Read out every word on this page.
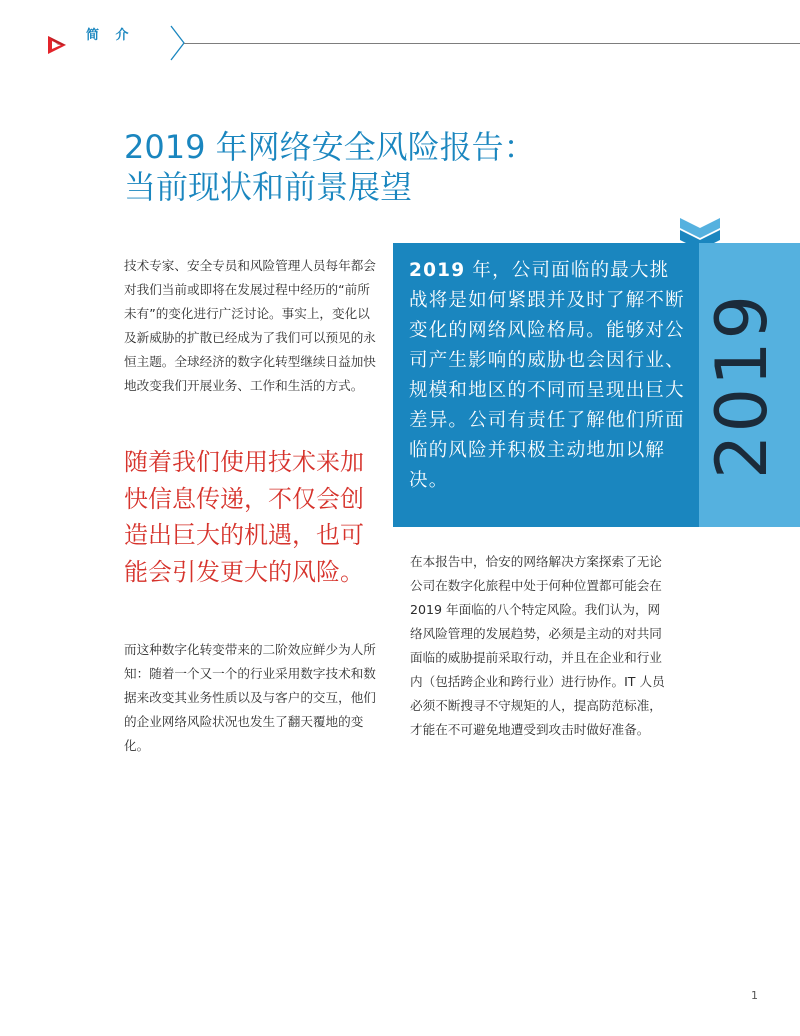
简 介
2019 年网络安全风险报告：
当前现状和前景展望
技术专家、安全专员和风险管理人员每年都会对我们当前或即将在发展过程中经历的“前所未有”的变化进行广泛讨论。事实上，变化以及新威胁的扩散已经成为了我们可以预见的永恒主题。全球经济的数字化转型继续日益加快地改变我们开展业务、工作和生活的方式。
随着我们使用技术来加快信息传递，不仅会创造出巨大的机遇，也可能会引发更大的风险。
而这种数字化转变带来的二阶效应鲜少为人所知：随着一个又一个的行业采用数字技术和数据来改变其业务性质以及与客户的交互，他们的企业网络风险状况也发生了翻天覆地的变化。
2019 年，公司面临的最大挑战将是如何紧跟并及时了解不断变化的网络风险格局。能够对公司产生影响的威胁也会因行业、规模和地区的不同而呈现出巨大差异。公司有责任了解他们所面临的风险并积极主动地加以解决。
2019
在本报告中，恰安的网络解决方案探索了无论公司在数字化旅程中处于何种位置都可能会在 2019 年面临的八个特定风险。我们认为，网络风险管理的发展趋势，必须是主动的对共同面临的威胁提前采取行动，并且在企业和行业内（包括跨企业和跨行业）进行协作。IT 人员必须不断搜寻不守规矩的人，提高防范标准，才能在不可避免地遭受到攻击时做好准备。
1
